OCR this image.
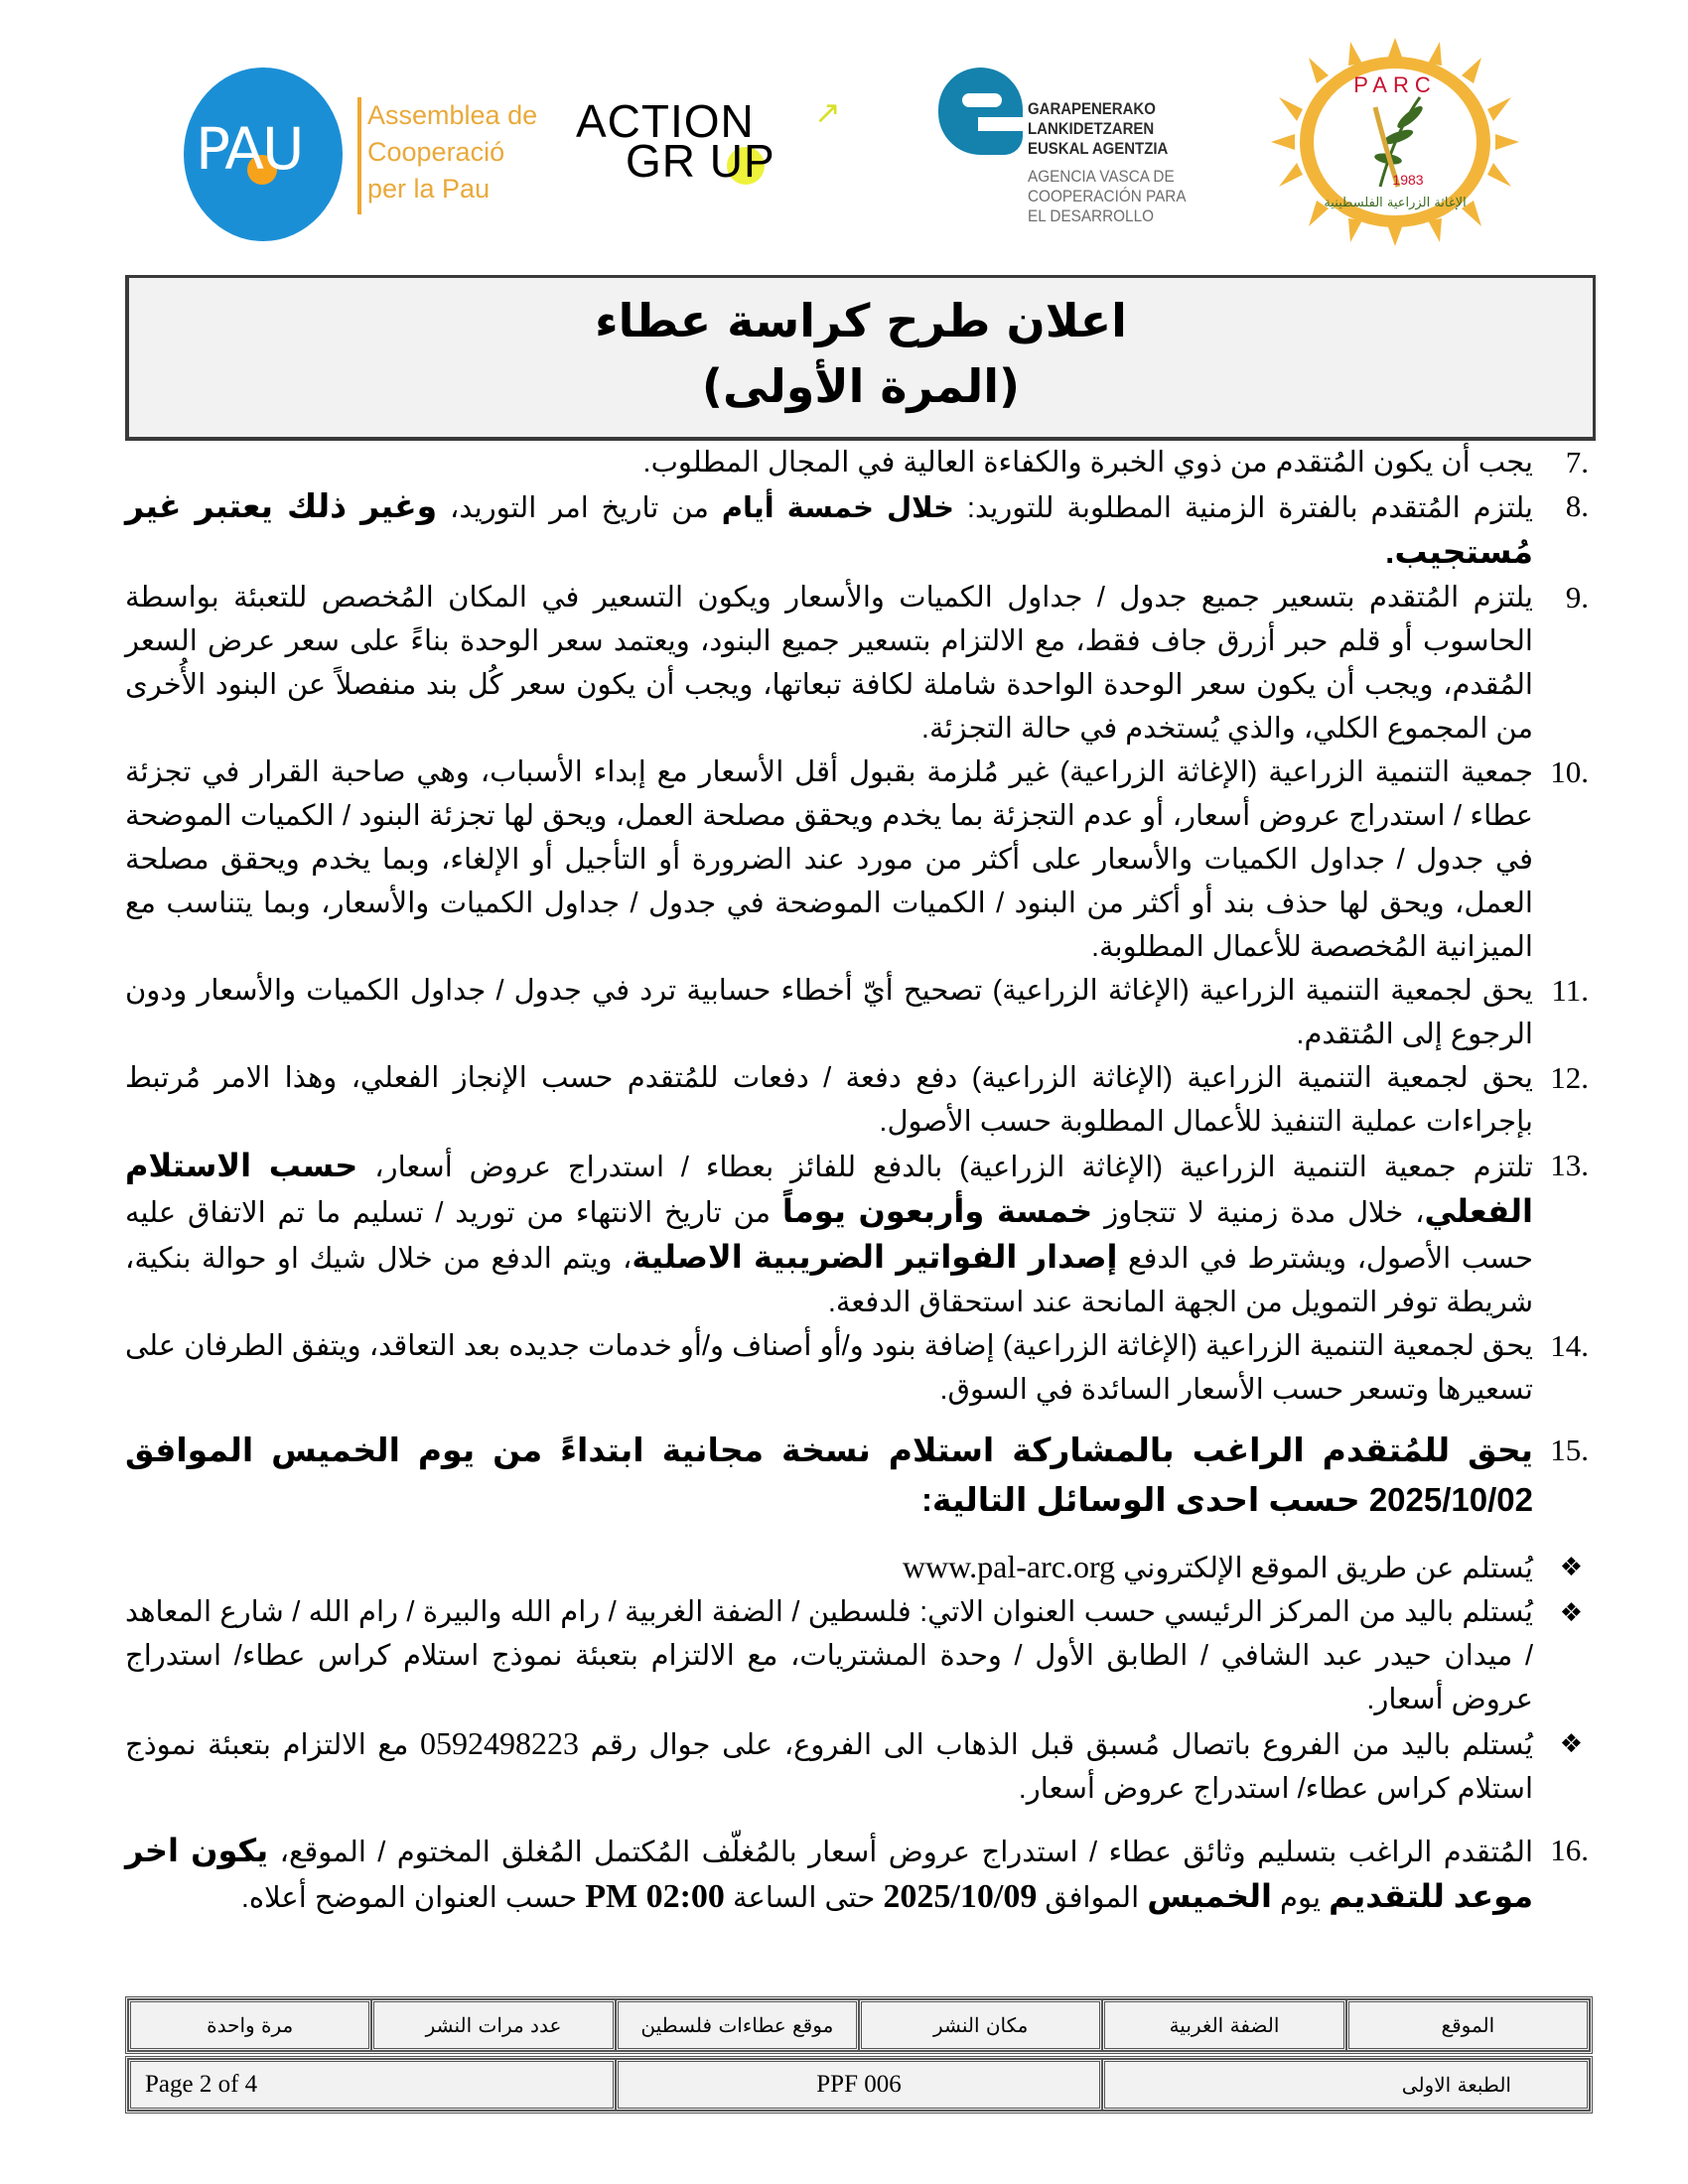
PAU	Assemblea de
Cooperació
per la Pau
ACTION ↗
GR UP
GARAPENERAKO
LANKIDETZAREN
EUSKAL AGENTZIA
AGENCIA VASCA DE
COOPERACIÓN PARA
EL DESARROLLO
PARC
1983
الإغاثة الزراعية الفلسطينية
اعلان طرح كراسة عطاء
(المرة الأولى)
7.
يجب أن يكون المُتقدم من ذوي الخبرة والكفاءة العالية في المجال المطلوب.
8.
يلتزم المُتقدم بالفترة الزمنية المطلوبة للتوريد: خلال خمسة أيام من تاريخ امر التوريد، وغير ذلك يعتبر غير مُستجيب.
9.
يلتزم المُتقدم بتسعير جميع جدول / جداول الكميات والأسعار ويكون التسعير في المكان المُخصص للتعبئة بواسطة الحاسوب أو قلم حبر أزرق جاف فقط، مع الالتزام بتسعير جميع البنود، ويعتمد سعر الوحدة بناءً على سعر عرض السعر المُقدم، ويجب أن يكون سعر الوحدة الواحدة شاملة لكافة تبعاتها، ويجب أن يكون سعر كُل بند منفصلاً عن البنود الأُخرى من المجموع الكلي، والذي يُستخدم في حالة التجزئة.
10.
جمعية التنمية الزراعية (الإغاثة الزراعية) غير مُلزمة بقبول أقل الأسعار مع إبداء الأسباب، وهي صاحبة القرار في تجزئة عطاء / استدراج عروض أسعار، أو عدم التجزئة بما يخدم ويحقق مصلحة العمل، ويحق لها تجزئة البنود / الكميات الموضحة في جدول / جداول الكميات والأسعار على أكثر من مورد عند الضرورة أو التأجيل أو الإلغاء، وبما يخدم ويحقق مصلحة العمل، ويحق لها حذف بند أو أكثر من البنود / الكميات الموضحة في جدول / جداول الكميات والأسعار، وبما يتناسب مع الميزانية المُخصصة للأعمال المطلوبة.
11.
يحق لجمعية التنمية الزراعية (الإغاثة الزراعية) تصحيح أيّ أخطاء حسابية ترد في جدول / جداول الكميات والأسعار ودون الرجوع إلى المُتقدم.
12.
يحق لجمعية التنمية الزراعية (الإغاثة الزراعية) دفع دفعة / دفعات للمُتقدم حسب الإنجاز الفعلي، وهذا الامر مُرتبط بإجراءات عملية التنفيذ للأعمال المطلوبة حسب الأصول.
13.
تلتزم جمعية التنمية الزراعية (الإغاثة الزراعية) بالدفع للفائز بعطاء / استدراج عروض أسعار، حسب الاستلام الفعلي، خلال مدة زمنية لا تتجاوز خمسة وأربعون يوماً من تاريخ الانتهاء من توريد / تسليم ما تم الاتفاق عليه حسب الأصول، ويشترط في الدفع إصدار الفواتير الضريبية الاصلية، ويتم الدفع من خلال شيك او حوالة بنكية، شريطة توفر التمويل من الجهة المانحة عند استحقاق الدفعة.
14.
يحق لجمعية التنمية الزراعية (الإغاثة الزراعية) إضافة بنود و/أو أصناف و/أو خدمات جديده بعد التعاقد، ويتفق الطرفان على تسعيرها وتسعر حسب الأسعار السائدة في السوق.
15.
يحق للمُتقدم الراغب بالمشاركة استلام نسخة مجانية ابتداءً من يوم الخميس الموافق 2025/10/02 حسب احدى الوسائل التالية:
❖
يُستلم عن طريق الموقع الإلكتروني www.pal-arc.org
❖
يُستلم باليد من المركز الرئيسي حسب العنوان الاتي: فلسطين / الضفة الغربية / رام الله والبيرة / رام الله / شارع المعاهد / ميدان حيدر عبد الشافي / الطابق الأول / وحدة المشتريات، مع الالتزام بتعبئة نموذج استلام كراس عطاء/ استدراج عروض أسعار.
❖
يُستلم باليد من الفروع باتصال مُسبق قبل الذهاب الى الفروع، على جوال رقم 0592498223 مع الالتزام بتعبئة نموذج استلام كراس عطاء/ استدراج عروض أسعار.
16.
المُتقدم الراغب بتسليم وثائق عطاء / استدراج عروض أسعار بالمُغلّف المُكتمل المُغلق المختوم / الموقع، يكون اخر موعد للتقديم يوم الخميس الموافق 2025/10/09 حتى الساعة 02:00 PM حسب العنوان الموضح أعلاه.
الموقع	الضفة الغربية	مكان النشر	موقع عطاءات فلسطين	عدد مرات النشر	مرة واحدة
الطبعة الاولى	PPF 006	Page 2 of 4
